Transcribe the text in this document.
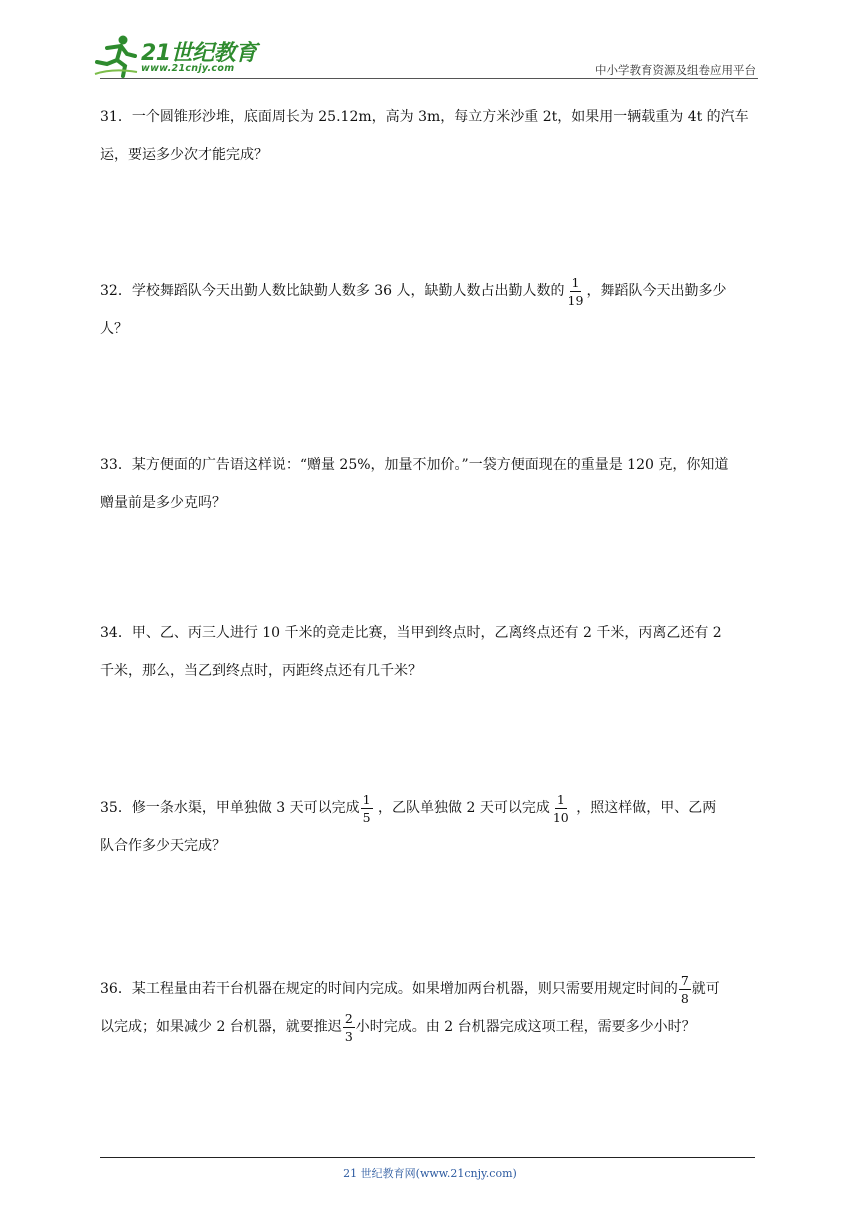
21世纪教育
www.21cnjy.com	中小学教育资源及组卷应用平台

31．一个圆锥形沙堆，底面周长为 25.12m，高为 3m，每立方米沙重 2t，如果用一辆载重为 4t 的汽车

运，要运多少次才能完成？

32．学校舞蹈队今天出勤人数比缺勤人数多 36 人，缺勤人数占出勤人数的 $\frac{1}{19}$ ，舞蹈队今天出勤多少

人？

33．某方便面的广告语这样说：“赠量 25%，加量不加价。”一袋方便面现在的重量是 120 克，你知道

赠量前是多少克吗？

34．甲、乙、丙三人进行 10 千米的竞走比赛，当甲到终点时，乙离终点还有 2 千米，丙离乙还有 2

千米，那么，当乙到终点时，丙距终点还有几千米？

35．修一条水渠，甲单独做 3 天可以完成 $\frac{1}{5}$ ，乙队单独做 2 天可以完成 $\frac{1}{10}$ ，照这样做，甲、乙两

队合作多少天完成？

36．某工程量由若干台机器在规定的时间内完成。如果增加两台机器，则只需要用规定时间的 $\frac{7}{8}$ 就可

以完成；如果减少 2 台机器，就要推迟 $\frac{2}{3}$ 小时完成。由 2 台机器完成这项工程，需要多少小时？

21 世纪教育网(www.21cnjy.com)
